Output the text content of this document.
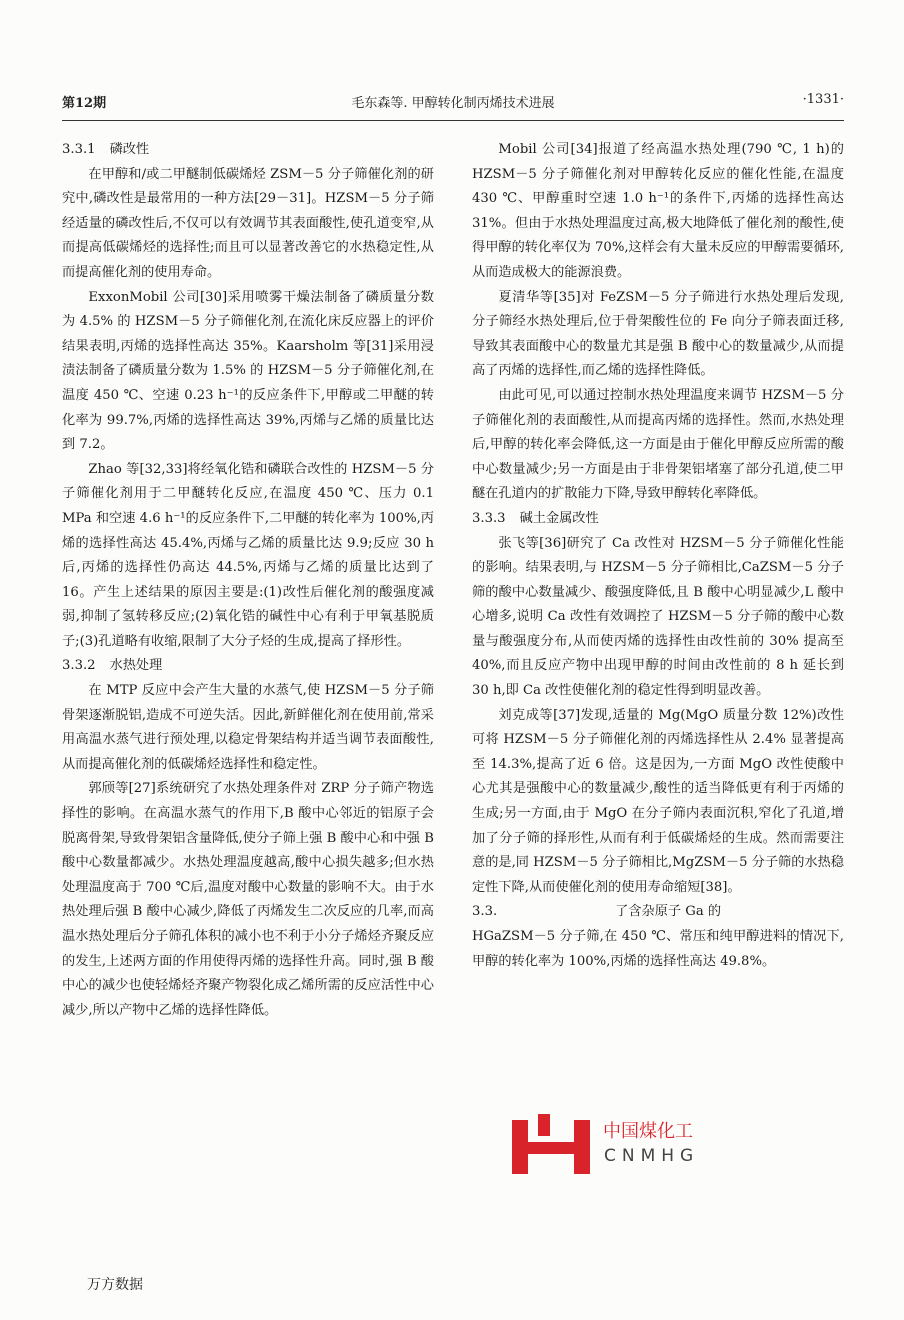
第12期	毛东森等. 甲醇转化制丙烯技术进展	·1331·
3.3.1 磷改性

在甲醇和/或二甲醚制低碳烯烃 ZSM－5 分子筛催化剂的研究中,磷改性是最常用的一种方法[29－31]。HZSM－5 分子筛经适量的磷改性后,不仅可以有效调节其表面酸性,使孔道变窄,从而提高低碳烯烃的选择性;而且可以显著改善它的水热稳定性,从而提高催化剂的使用寿命。

ExxonMobil 公司[30]采用喷雾干燥法制备了磷质量分数为 4.5% 的 HZSM－5 分子筛催化剂,在流化床反应器上的评价结果表明,丙烯的选择性高达 35%。Kaarsholm 等[31]采用浸渍法制备了磷质量分数为 1.5% 的 HZSM－5 分子筛催化剂,在温度 450 ℃、空速 0.23 h⁻¹的反应条件下,甲醇或二甲醚的转化率为 99.7%,丙烯的选择性高达 39%,丙烯与乙烯的质量比达到 7.2。

Zhao 等[32,33]将经氧化锆和磷联合改性的 HZSM－5 分子筛催化剂用于二甲醚转化反应,在温度 450 ℃、压力 0.1 MPa 和空速 4.6 h⁻¹的反应条件下,二甲醚的转化率为 100%,丙烯的选择性高达 45.4%,丙烯与乙烯的质量比达 9.9;反应 30 h 后,丙烯的选择性仍高达 44.5%,丙烯与乙烯的质量比达到了 16。产生上述结果的原因主要是:(1)改性后催化剂的酸强度减弱,抑制了氢转移反应;(2)氧化锆的碱性中心有利于甲氧基脱质子;(3)孔道略有收缩,限制了大分子烃的生成,提高了择形性。

3.3.2 水热处理

在 MTP 反应中会产生大量的水蒸气,使 HZSM－5 分子筛骨架逐渐脱铝,造成不可逆失活。因此,新鲜催化剂在使用前,常采用高温水蒸气进行预处理,以稳定骨架结构并适当调节表面酸性,从而提高催化剂的低碳烯烃选择性和稳定性。

郭颀等[27]系统研究了水热处理条件对 ZRP 分子筛产物选择性的影响。在高温水蒸气的作用下,B 酸中心邻近的铝原子会脱离骨架,导致骨架铝含量降低,使分子筛上强 B 酸中心和中强 B 酸中心数量都减少。水热处理温度越高,酸中心损失越多;但水热处理温度高于 700 ℃后,温度对酸中心数量的影响不大。由于水热处理后强 B 酸中心减少,降低了丙烯发生二次反应的几率,而高温水热处理后分子筛孔体积的减小也不利于小分子烯烃齐聚反应的发生,上述两方面的作用使得丙烯的选择性升高。同时,强 B 酸中心的减少也使轻烯烃齐聚产物裂化成乙烯所需的反应活性中心减少,所以产物中乙烯的选择性降低。

Mobil 公司[34]报道了经高温水热处理(790 ℃, 1 h)的 HZSM－5 分子筛催化剂对甲醇转化反应的催化性能,在温度 430 ℃、甲醇重时空速 1.0 h⁻¹的条件下,丙烯的选择性高达 31%。但由于水热处理温度过高,极大地降低了催化剂的酸性,使得甲醇的转化率仅为 70%,这样会有大量未反应的甲醇需要循环,从而造成极大的能源浪费。

夏清华等[35]对 FeZSM－5 分子筛进行水热处理后发现,分子筛经水热处理后,位于骨架酸性位的 Fe 向分子筛表面迁移,导致其表面酸中心的数量尤其是强 B 酸中心的数量减少,从而提高了丙烯的选择性,而乙烯的选择性降低。

由此可见,可以通过控制水热处理温度来调节 HZSM－5 分子筛催化剂的表面酸性,从而提高丙烯的选择性。然而,水热处理后,甲醇的转化率会降低,这一方面是由于催化甲醇反应所需的酸中心数量减少;另一方面是由于非骨架铝堵塞了部分孔道,使二甲醚在孔道内的扩散能力下降,导致甲醇转化率降低。

3.3.3 碱土金属改性

张飞等[36]研究了 Ca 改性对 HZSM－5 分子筛催化性能的影响。结果表明,与 HZSM－5 分子筛相比,CaZSM－5 分子筛的酸中心数量减少、酸强度降低,且 B 酸中心明显减少,L 酸中心增多,说明 Ca 改性有效调控了 HZSM－5 分子筛的酸中心数量与酸强度分布,从而使丙烯的选择性由改性前的 30% 提高至 40%,而且反应产物中出现甲醇的时间由改性前的 8 h 延长到 30 h,即 Ca 改性使催化剂的稳定性得到明显改善。

刘克成等[37]发现,适量的 Mg(MgO 质量分数 12%)改性可将 HZSM－5 分子筛催化剂的丙烯选择性从 2.4% 显著提高至 14.3%,提高了近 6 倍。这是因为,一方面 MgO 改性使酸中心尤其是强酸中心的数量减少,酸性的适当降低更有利于丙烯的生成;另一方面,由于 MgO 在分子筛内表面沉积,窄化了孔道,增加了分子筛的择形性,从而有利于低碳烯烃的生成。然而需要注意的是,同 HZSM－5 分子筛相比,MgZSM－5 分子筛的水热稳定性下降,从而使催化剂的使用寿命缩短[38]。

3.3.	了含杂原子 Ga 的

HGaZSM－5 分子筛,在 450 ℃、常压和纯甲醇进料的情况下,甲醇的转化率为 100%,丙烯的选择性高达 49.8%。

中国煤化工
CNMHG
万方数据
